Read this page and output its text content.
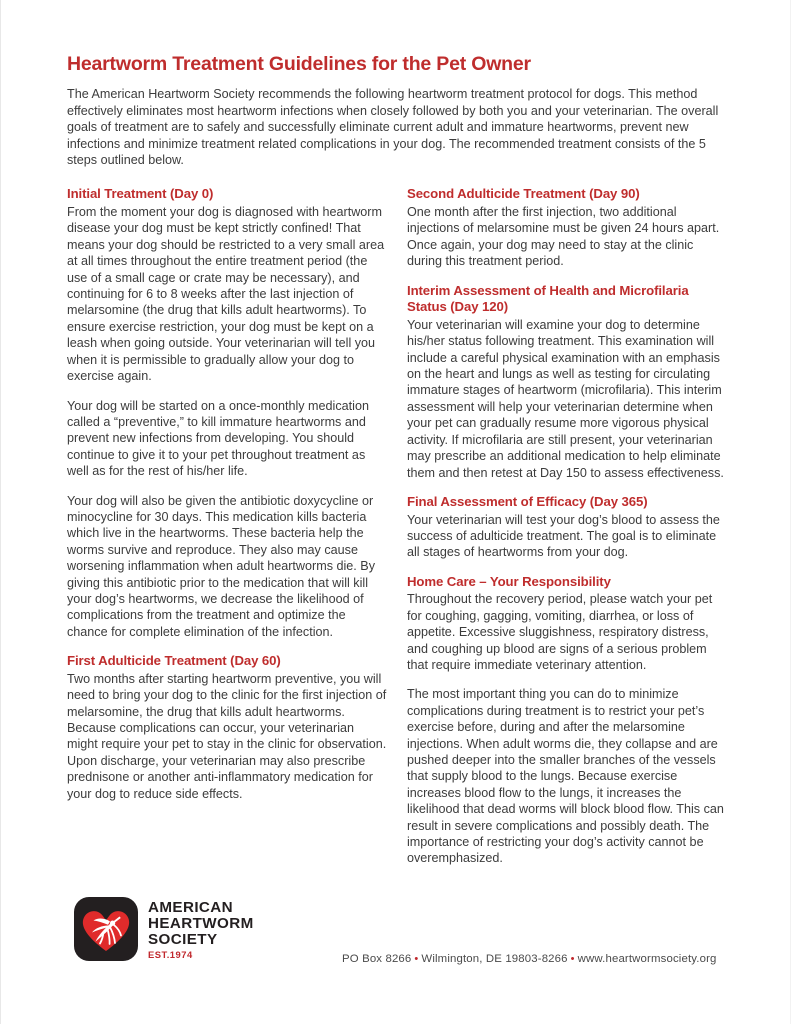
Heartworm Treatment Guidelines for the Pet Owner

The American Heartworm Society recommends the following heartworm treatment protocol for dogs. This method effectively eliminates most heartworm infections when closely followed by both you and your veterinarian. The overall goals of treatment are to safely and successfully eliminate current adult and immature heartworms, prevent new infections and minimize treatment related complications in your dog. The recommended treatment consists of the 5 steps outlined below.

Initial Treatment (Day 0)

From the moment your dog is diagnosed with heartworm disease your dog must be kept strictly confined! That means your dog should be restricted to a very small area at all times throughout the entire treatment period (the use of a small cage or crate may be necessary), and continuing for 6 to 8 weeks after the last injection of melarsomine (the drug that kills adult heartworms). To ensure exercise restriction, your dog must be kept on a leash when going outside. Your veterinarian will tell you when it is permissible to gradually allow your dog to exercise again.

Your dog will be started on a once-monthly medication called a “preventive,” to kill immature heartworms and prevent new infections from developing. You should continue to give it to your pet throughout treatment as well as for the rest of his/her life.

Your dog will also be given the antibiotic doxycycline or minocycline for 30 days. This medication kills bacteria which live in the heartworms. These bacteria help the worms survive and reproduce. They also may cause worsening inflammation when adult heartworms die. By giving this antibiotic prior to the medication that will kill your dog’s heartworms, we decrease the likelihood of complications from the treatment and optimize the chance for complete elimination of the infection.

First Adulticide Treatment (Day 60)

Two months after starting heartworm preventive, you will need to bring your dog to the clinic for the first injection of melarsomine, the drug that kills adult heartworms. Because complications can occur, your veterinarian might require your pet to stay in the clinic for observation. Upon discharge, your veterinarian may also prescribe prednisone or another anti-inflammatory medication for your dog to reduce side effects.

Second Adulticide Treatment (Day 90)

One month after the first injection, two additional injections of melarsomine must be given 24 hours apart. Once again, your dog may need to stay at the clinic during this treatment period.

Interim Assessment of Health and Microfilaria Status (Day 120)

Your veterinarian will examine your dog to determine his/her status following treatment. This examination will include a careful physical examination with an emphasis on the heart and lungs as well as testing for circulating immature stages of heartworm (microfilaria). This interim assessment will help your veterinarian determine when your pet can gradually resume more vigorous physical activity. If microfilaria are still present, your veterinarian may prescribe an additional medication to help eliminate them and then retest at Day 150 to assess effectiveness.

Final Assessment of Efficacy (Day 365)

Your veterinarian will test your dog’s blood to assess the success of adulticide treatment. The goal is to eliminate all stages of heartworms from your dog.

Home Care – Your Responsibility

Throughout the recovery period, please watch your pet for coughing, gagging, vomiting, diarrhea, or loss of appetite. Excessive sluggishness, respiratory distress, and coughing up blood are signs of a serious problem that require immediate veterinary attention.

The most important thing you can do to minimize complications during treatment is to restrict your pet’s exercise before, during and after the melarsomine injections. When adult worms die, they collapse and are pushed deeper into the smaller branches of the vessels that supply blood to the lungs. Because exercise increases blood flow to the lungs, it increases the likelihood that dead worms will block blood flow. This can result in severe complications and possibly death. The importance of restricting your dog’s activity cannot be overemphasized.

AMERICAN
HEARTWORM
SOCIETY
EST.1974	PO Box 8266 • Wilmington, DE 19803-8266 • www.heartwormsociety.org
